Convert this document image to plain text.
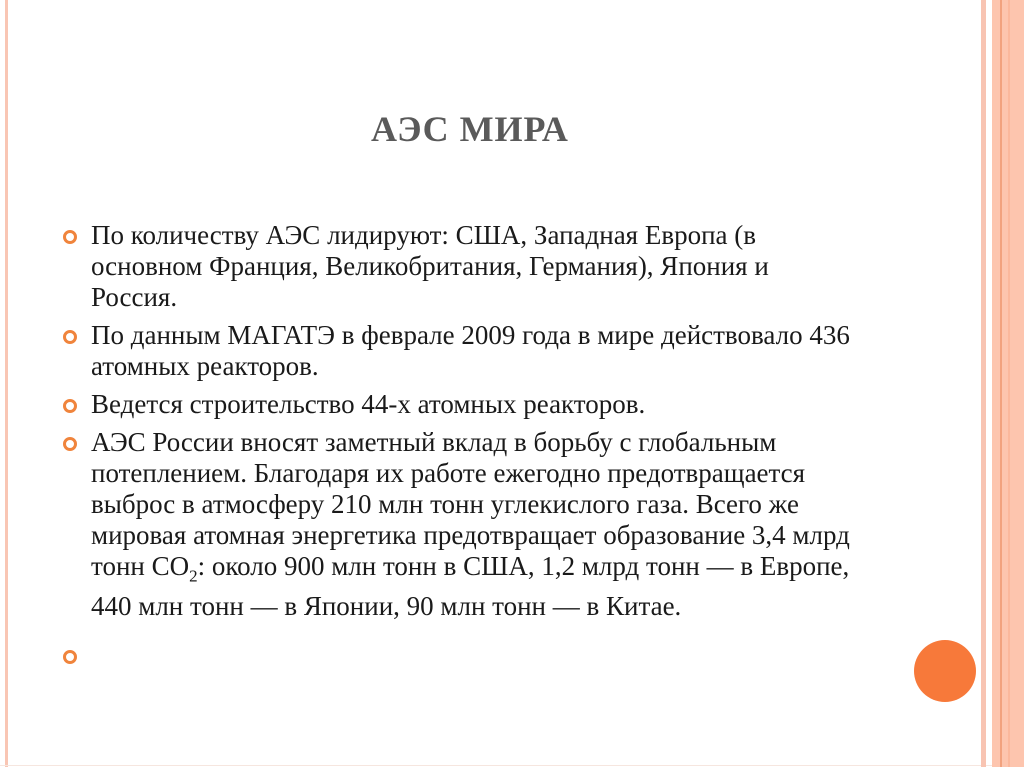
АЭС МИРА
По количеству АЭС лидируют: США, Западная Европа (в основном Франция, Великобритания, Германия), Япония и Россия.
По данным МАГАТЭ в феврале 2009 года в мире действовало 436 атомных реакторов.
Ведется строительство 44-х атомных реакторов.
АЭС России вносят заметный вклад в борьбу с глобальным потеплением. Благодаря их работе ежегодно предотвращается выброс в атмосферу 210 млн тонн углекислого газа. Всего же мировая атомная энергетика предотвращает образование 3,4 млрд тонн $СО_2$: около 900 млн тонн в США, 1,2 млрд тонн — в Европе, 440 млн тонн — в Японии, 90 млн тонн — в Китае.
